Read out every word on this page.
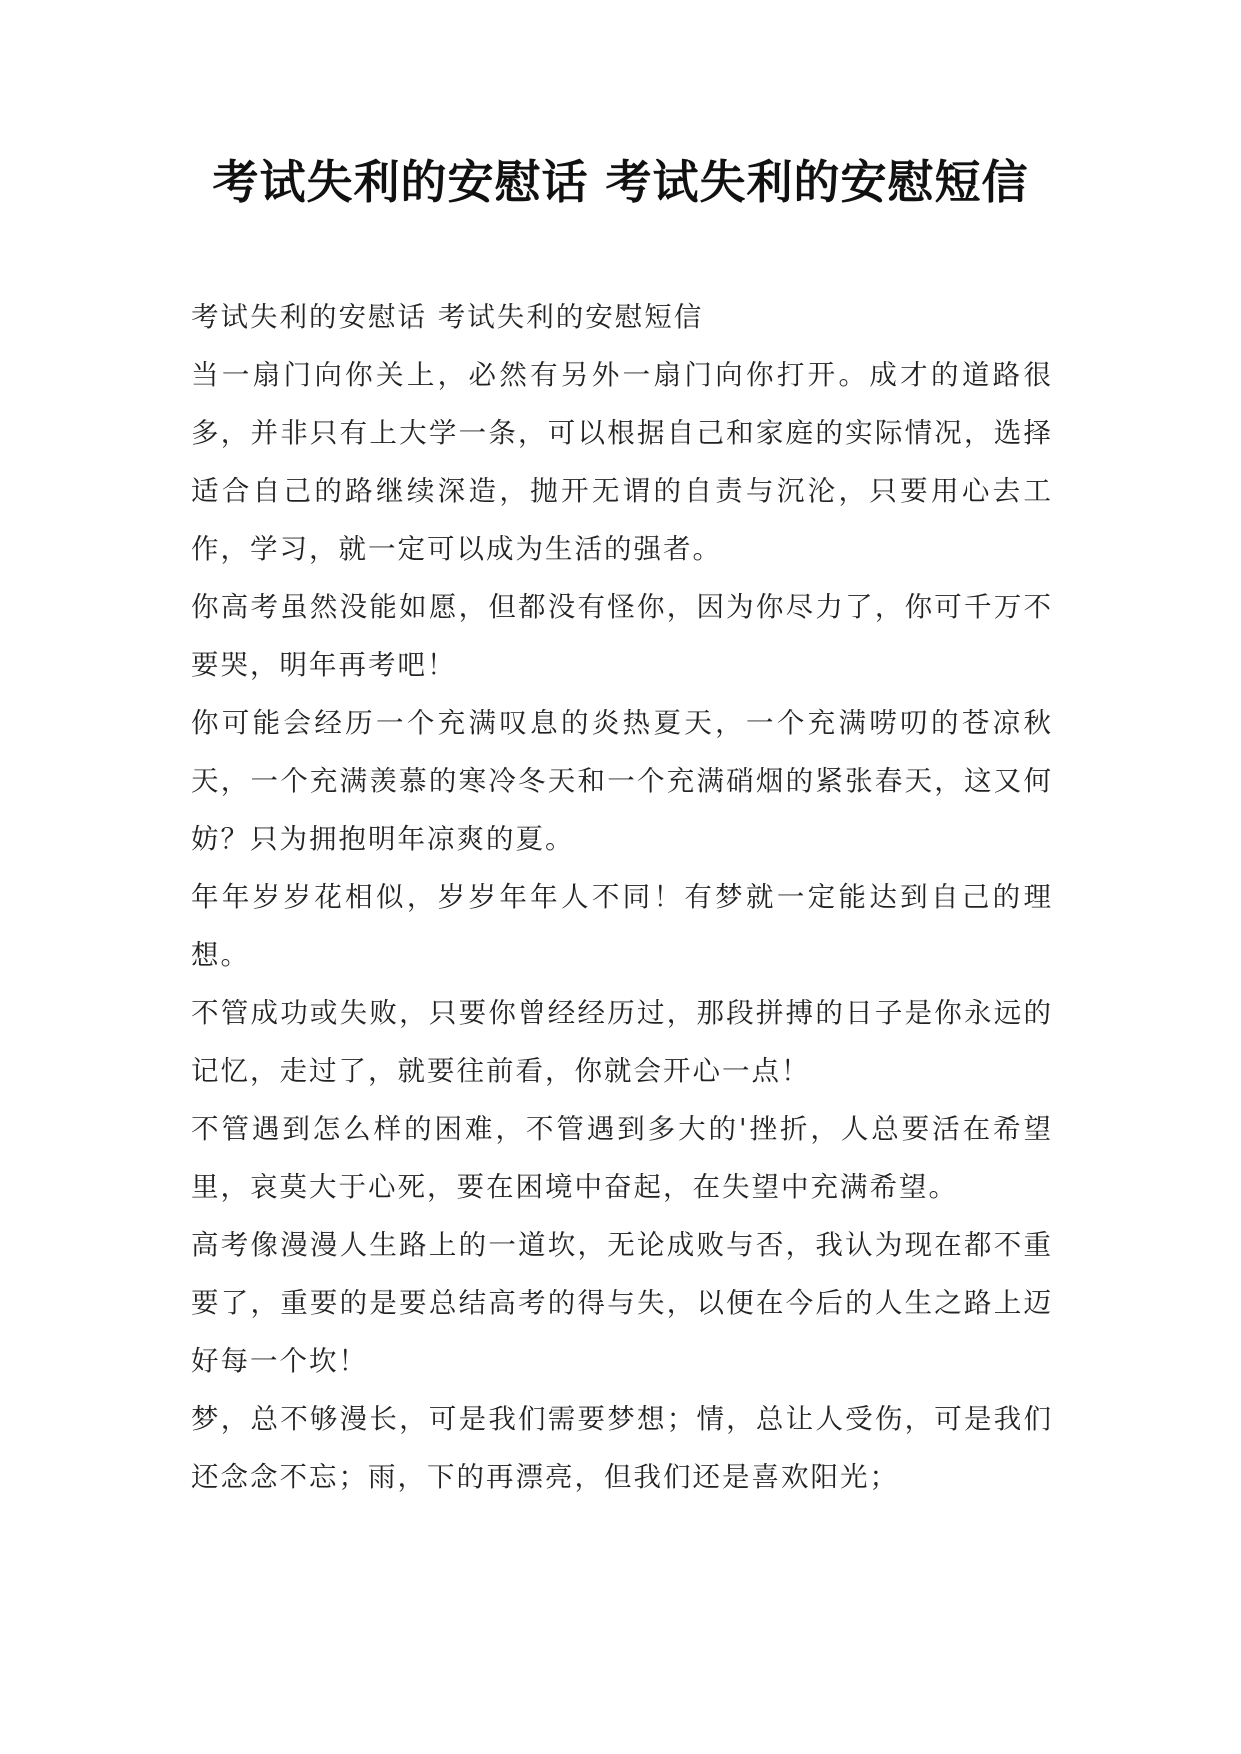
考试失利的安慰话 考试失利的安慰短信

考试失利的安慰话 考试失利的安慰短信

当一扇门向你关上，必然有另外一扇门向你打开。成才的道路很多，并非只有上大学一条，可以根据自己和家庭的实际情况，选择适合自己的路继续深造，抛开无谓的自责与沉沦，只要用心去工作，学习，就一定可以成为生活的强者。

你高考虽然没能如愿，但都没有怪你，因为你尽力了，你可千万不要哭，明年再考吧！

你可能会经历一个充满叹息的炎热夏天，一个充满唠叨的苍凉秋天，一个充满羡慕的寒冷冬天和一个充满硝烟的紧张春天，这又何妨？只为拥抱明年凉爽的夏。

年年岁岁花相似，岁岁年年人不同！有梦就一定能达到自己的理想。

不管成功或失败，只要你曾经经历过，那段拼搏的日子是你永远的记忆，走过了，就要往前看，你就会开心一点！

不管遇到怎么样的困难，不管遇到多大的'挫折，人总要活在希望里，哀莫大于心死，要在困境中奋起，在失望中充满希望。

高考像漫漫人生路上的一道坎，无论成败与否，我认为现在都不重要了，重要的是要总结高考的得与失，以便在今后的人生之路上迈好每一个坎！

梦，总不够漫长，可是我们需要梦想；情，总让人受伤，可是我们还念念不忘；雨，下的再漂亮，但我们还是喜欢阳光；
